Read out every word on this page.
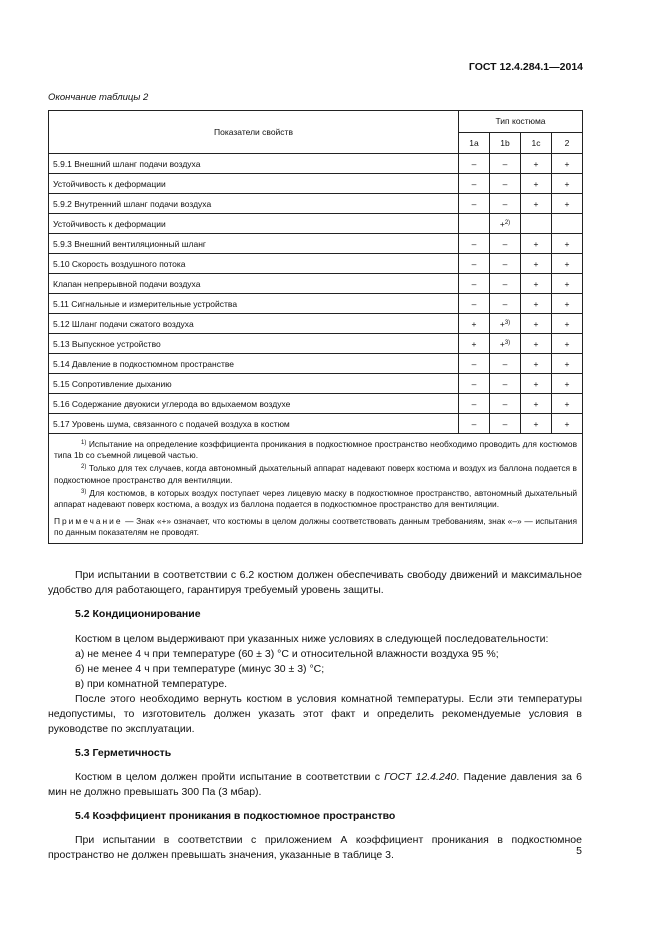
ГОСТ 12.4.284.1—2014
Окончание таблицы 2
Показатели свойств	Тип костюма			
	1a	1b	1c	2
5.9.1 Внешний шланг подачи воздуха	–	–	+	+
Устойчивость к деформации	–	–	+	+
5.9.2 Внутренний шланг подачи воздуха	–	–	+	+
Устойчивость к деформации		+$^{2)}$		
5.9.3 Внешний вентиляционный шланг	–	–	+	+
5.10 Скорость воздушного потока	–	–	+	+
Клапан непрерывной подачи воздуха	–	–	+	+
5.11 Сигнальные и измерительные устройства	–	–	+	+
5.12 Шланг подачи сжатого воздуха	+	+$^{3)}$	+	+
5.13 Выпускное устройство	+	+$^{3)}$	+	+
5.14 Давление в подкостюмном пространстве	–	–	+	+
5.15 Сопротивление дыханию	–	–	+	+
5.16 Содержание двуокиси углерода во вдыхаемом воздухе	–	–	+	+
5.17 Уровень шума, связанного с подачей воздуха в костюм	–	–	+	+

$^{1)}$ Испытание на определение коэффициента проникания в подкостюмное пространство необходимо проводить для костюмов типа 1b со съемной лицевой частью.

$^{2)}$ Только для тех случаев, когда автономный дыхательный аппарат надевают поверх костюма и воздух из баллона подается в подкостюмное пространство для вентиляции.

$^{3)}$ Для костюмов, в которых воздух поступает через лицевую маску в подкостюмное пространство, автономный дыхательный аппарат надевают поверх костюма, а воздух из баллона подается в подкостюмное пространство для вентиляции.

Примечание — Знак «+» означает, что костюмы в целом должны соответствовать данным требованиям, знак «–» — испытания по данным показателям не проводят.				

При испытании в соответствии с 6.2 костюм должен обеспечивать свободу движений и максимальное удобство для работающего, гарантируя требуемый уровень защиты.

5.2 Кондиционирование

Костюм в целом выдерживают при указанных ниже условиях в следующей последовательности:

а) не менее 4 ч при температуре (60 ± 3) °С и относительной влажности воздуха 95 %;

б) не менее 4 ч при температуре (минус 30 ± 3) °С;

в) при комнатной температуре.

После этого необходимо вернуть костюм в условия комнатной температуры. Если эти температуры недопустимы, то изготовитель должен указать этот факт и определить рекомендуемые условия в руководстве по эксплуатации.

5.3 Герметичность

Костюм в целом должен пройти испытание в соответствии с ГОСТ 12.4.240. Падение давления за 6 мин не должно превышать 300 Па (3 мбар).

5.4 Коэффициент проникания в подкостюмное пространство

При испытании в соответствии с приложением А коэффициент проникания в подкостюмное пространство не должен превышать значения, указанные в таблице 3.	5
